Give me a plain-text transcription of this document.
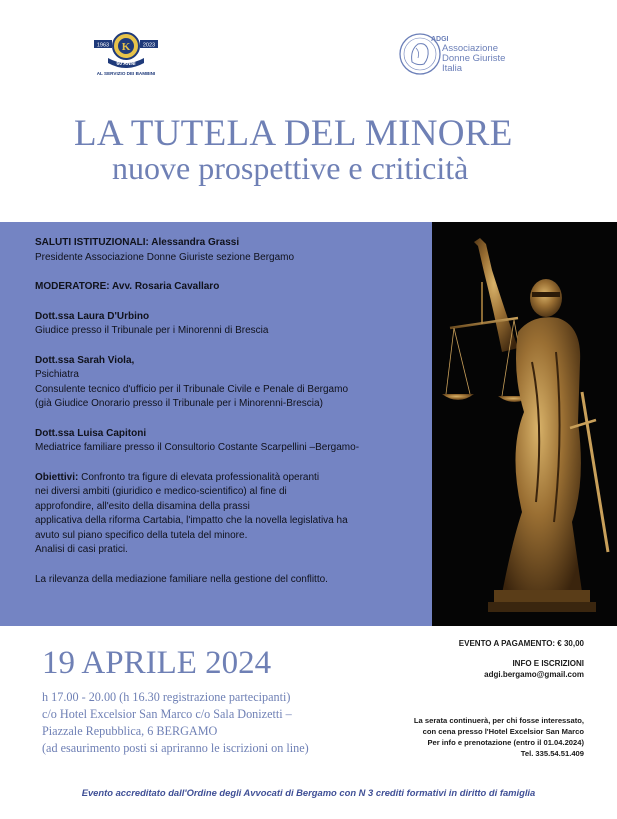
K
1963	2023
60 ANNI
AL SERVIZIO DEI BAMBINI
ADGI
Associazione
Donne Giuriste
Italia
LA TUTELA DEL MINORE
nuove prospettive e criticità

SALUTI ISTITUZIONALI: Alessandra Grassi
Presidente Associazione Donne Giuriste sezione Bergamo

MODERATORE: Avv. Rosaria Cavallaro

Dott.ssa Laura D'Urbino
Giudice presso il Tribunale per i Minorenni di Brescia

Dott.ssa Sarah Viola,
Psichiatra
Consulente tecnico d'ufficio per il Tribunale Civile e Penale di Bergamo
(già Giudice Onorario presso il Tribunale per i Minorenni-Brescia)

Dott.ssa Luisa Capitoni
Mediatrice familiare presso il Consultorio Costante Scarpellini –Bergamo-

Obiettivi: Confronto tra figure di elevata professionalità operanti
nei diversi ambiti (giuridico e medico-scientifico) al fine di
approfondire, all'esito della disamina della prassi
applicativa della riforma Cartabia, l'impatto che la novella legislativa ha
avuto sul piano specifico della tutela del minore.
Analisi di casi pratici.

La rilevanza della mediazione familiare nella gestione del conflitto.

19 APRILE 2024
h 17.00 - 20.00 (h 16.30 registrazione partecipanti)
c/o Hotel Excelsior San Marco c/o Sala Donizetti –
Piazzale Repubblica, 6 BERGAMO
(ad esaurimento posti si apriranno le iscrizioni on line)
EVENTO A PAGAMENTO: € 30,00
INFO E ISCRIZIONI
adgi.bergamo@gmail.com
La serata continuerà, per chi fosse interessato,
con cena presso l'Hotel Excelsior San Marco
Per info e prenotazione (entro il 01.04.2024)
Tel. 335.54.51.409
Evento accreditato dall'Ordine degli Avvocati di Bergamo con N 3 crediti formativi in diritto di famiglia
